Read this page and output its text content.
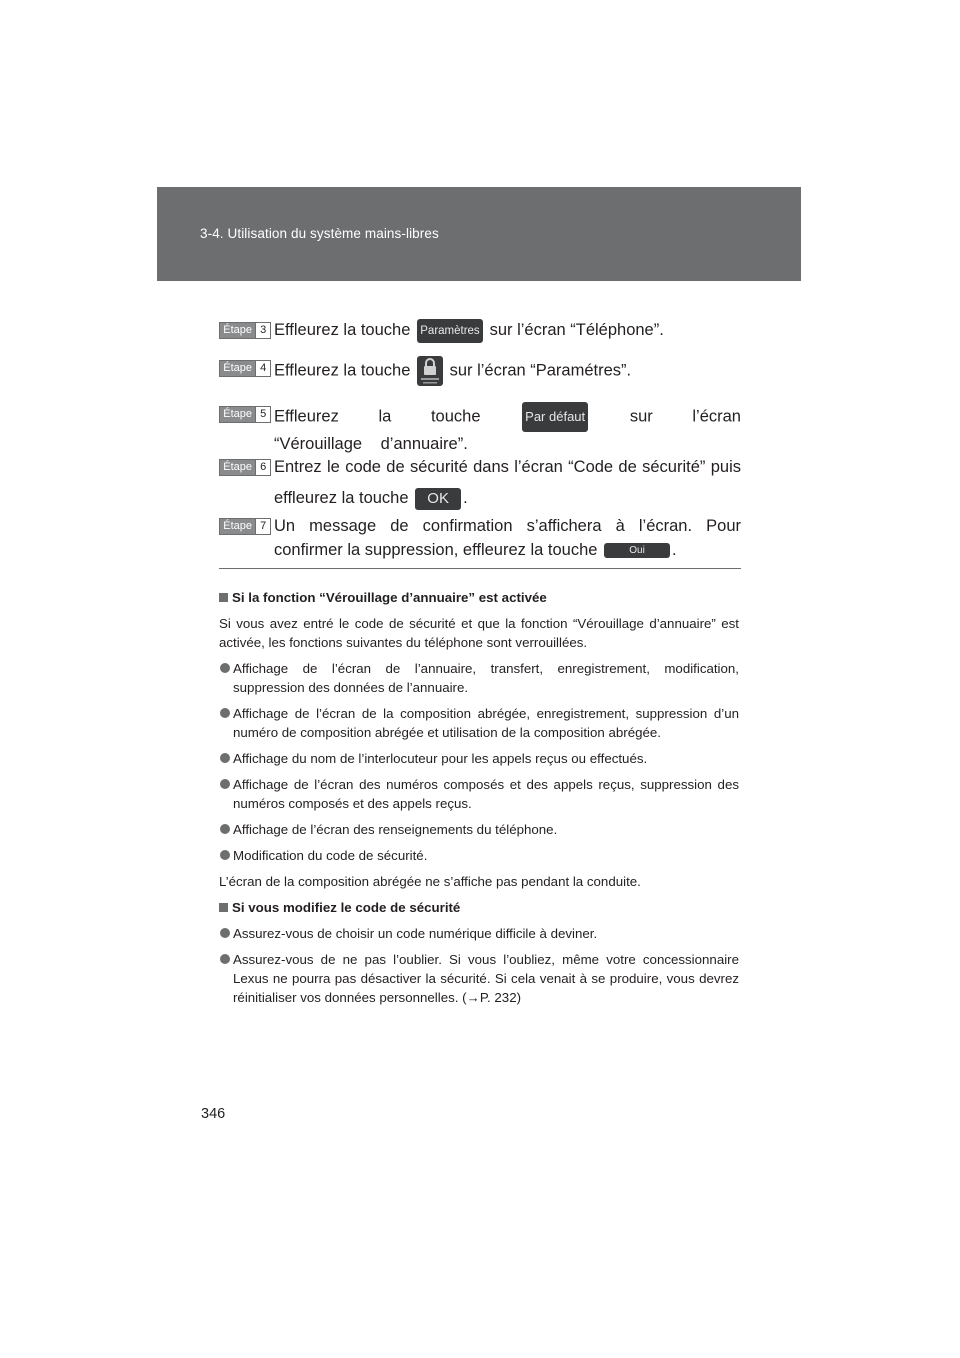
3-4. Utilisation du système mains-libres
Étape 3 Effleurez la touche Paramètres sur l’écran “Téléphone”.
Étape 4 Effleurez la touche sur l’écran “Paramétres”.
Étape 5 Effleurez la touche	Par défaut	sur l’écran “Vérouillage d’annuaire”.
Étape 6 Entrez le code de sécurité dans l’écran “Code de sécurité” puis effleurez la touche OK .
Étape 7 Un message de confirmation s’affichera à l’écran. Pour confirmer la suppression, effleurez la touche	Oui .
Si la fonction “Vérouillage d’annuaire” est activée

Si vous avez entré le code de sécurité et que la fonction “Vérouillage d’annuaire” est activée, les fonctions suivantes du téléphone sont verrouillées.

Affichage de l’écran de l’annuaire, transfert, enregistrement, modification, suppression des données de l’annuaire.
Affichage de l’écran de la composition abrégée, enregistrement, suppression d’un numéro de composition abrégée et utilisation de la composition abrégée.
Affichage du nom de l’interlocuteur pour les appels reçus ou effectués.
Affichage de l’écran des numéros composés et des appels reçus, suppression des numéros composés et des appels reçus.
Affichage de l’écran des renseignements du téléphone.
Modification du code de sécurité.

L’écran de la composition abrégée ne s’affiche pas pendant la conduite.

Si vous modifiez le code de sécurité
Assurez-vous de choisir un code numérique difficile à deviner.
Assurez-vous de ne pas l’oublier. Si vous l’oubliez, même votre concessionnaire Lexus ne pourra pas désactiver la sécurité. Si cela venait à se produire, vous devrez réinitialiser vos données personnelles. (→P. 232)
346
